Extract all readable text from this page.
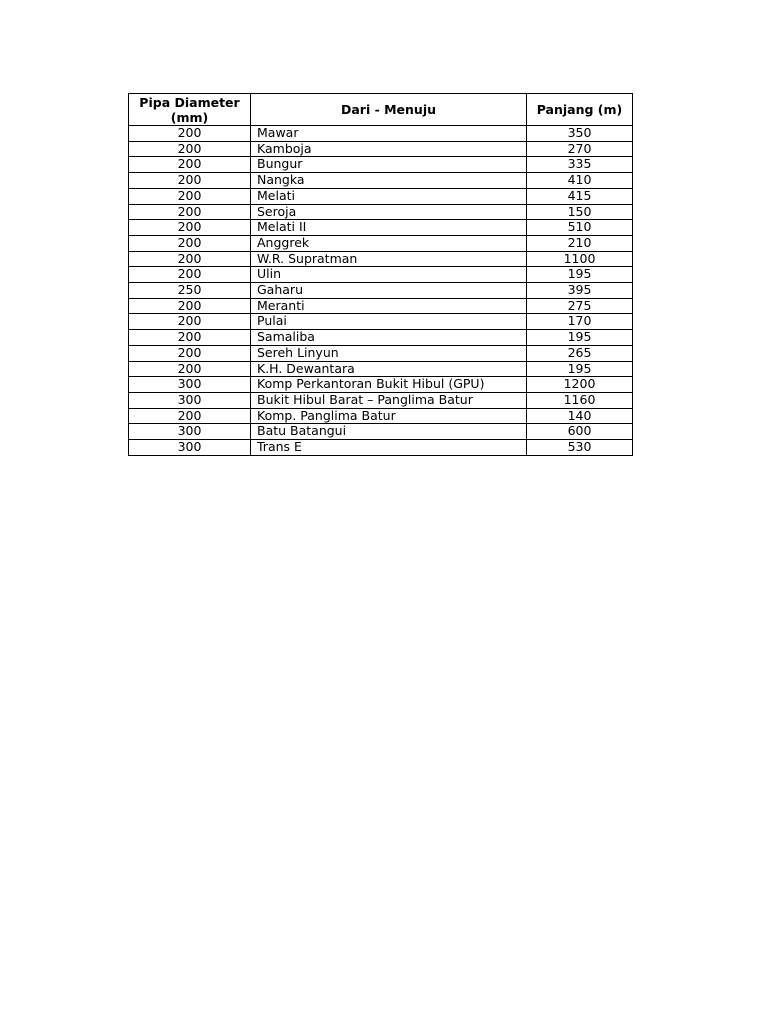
Pipa Diameter (mm)	Dari - Menuju	Panjang (m)
200	Mawar	350
200	Kamboja	270
200	Bungur	335
200	Nangka	410
200	Melati	415
200	Seroja	150
200	Melati II	510
200	Anggrek	210
200	W.R. Supratman	1100
200	Ulin	195
250	Gaharu	395
200	Meranti	275
200	Pulai	170
200	Samaliba	195
200	Sereh Linyun	265
200	K.H. Dewantara	195
300	Komp Perkantoran Bukit Hibul (GPU)	1200
300	Bukit Hibul Barat – Panglima Batur	1160
200	Komp. Panglima Batur	140
300	Batu Batangui	600
300	Trans E	530
